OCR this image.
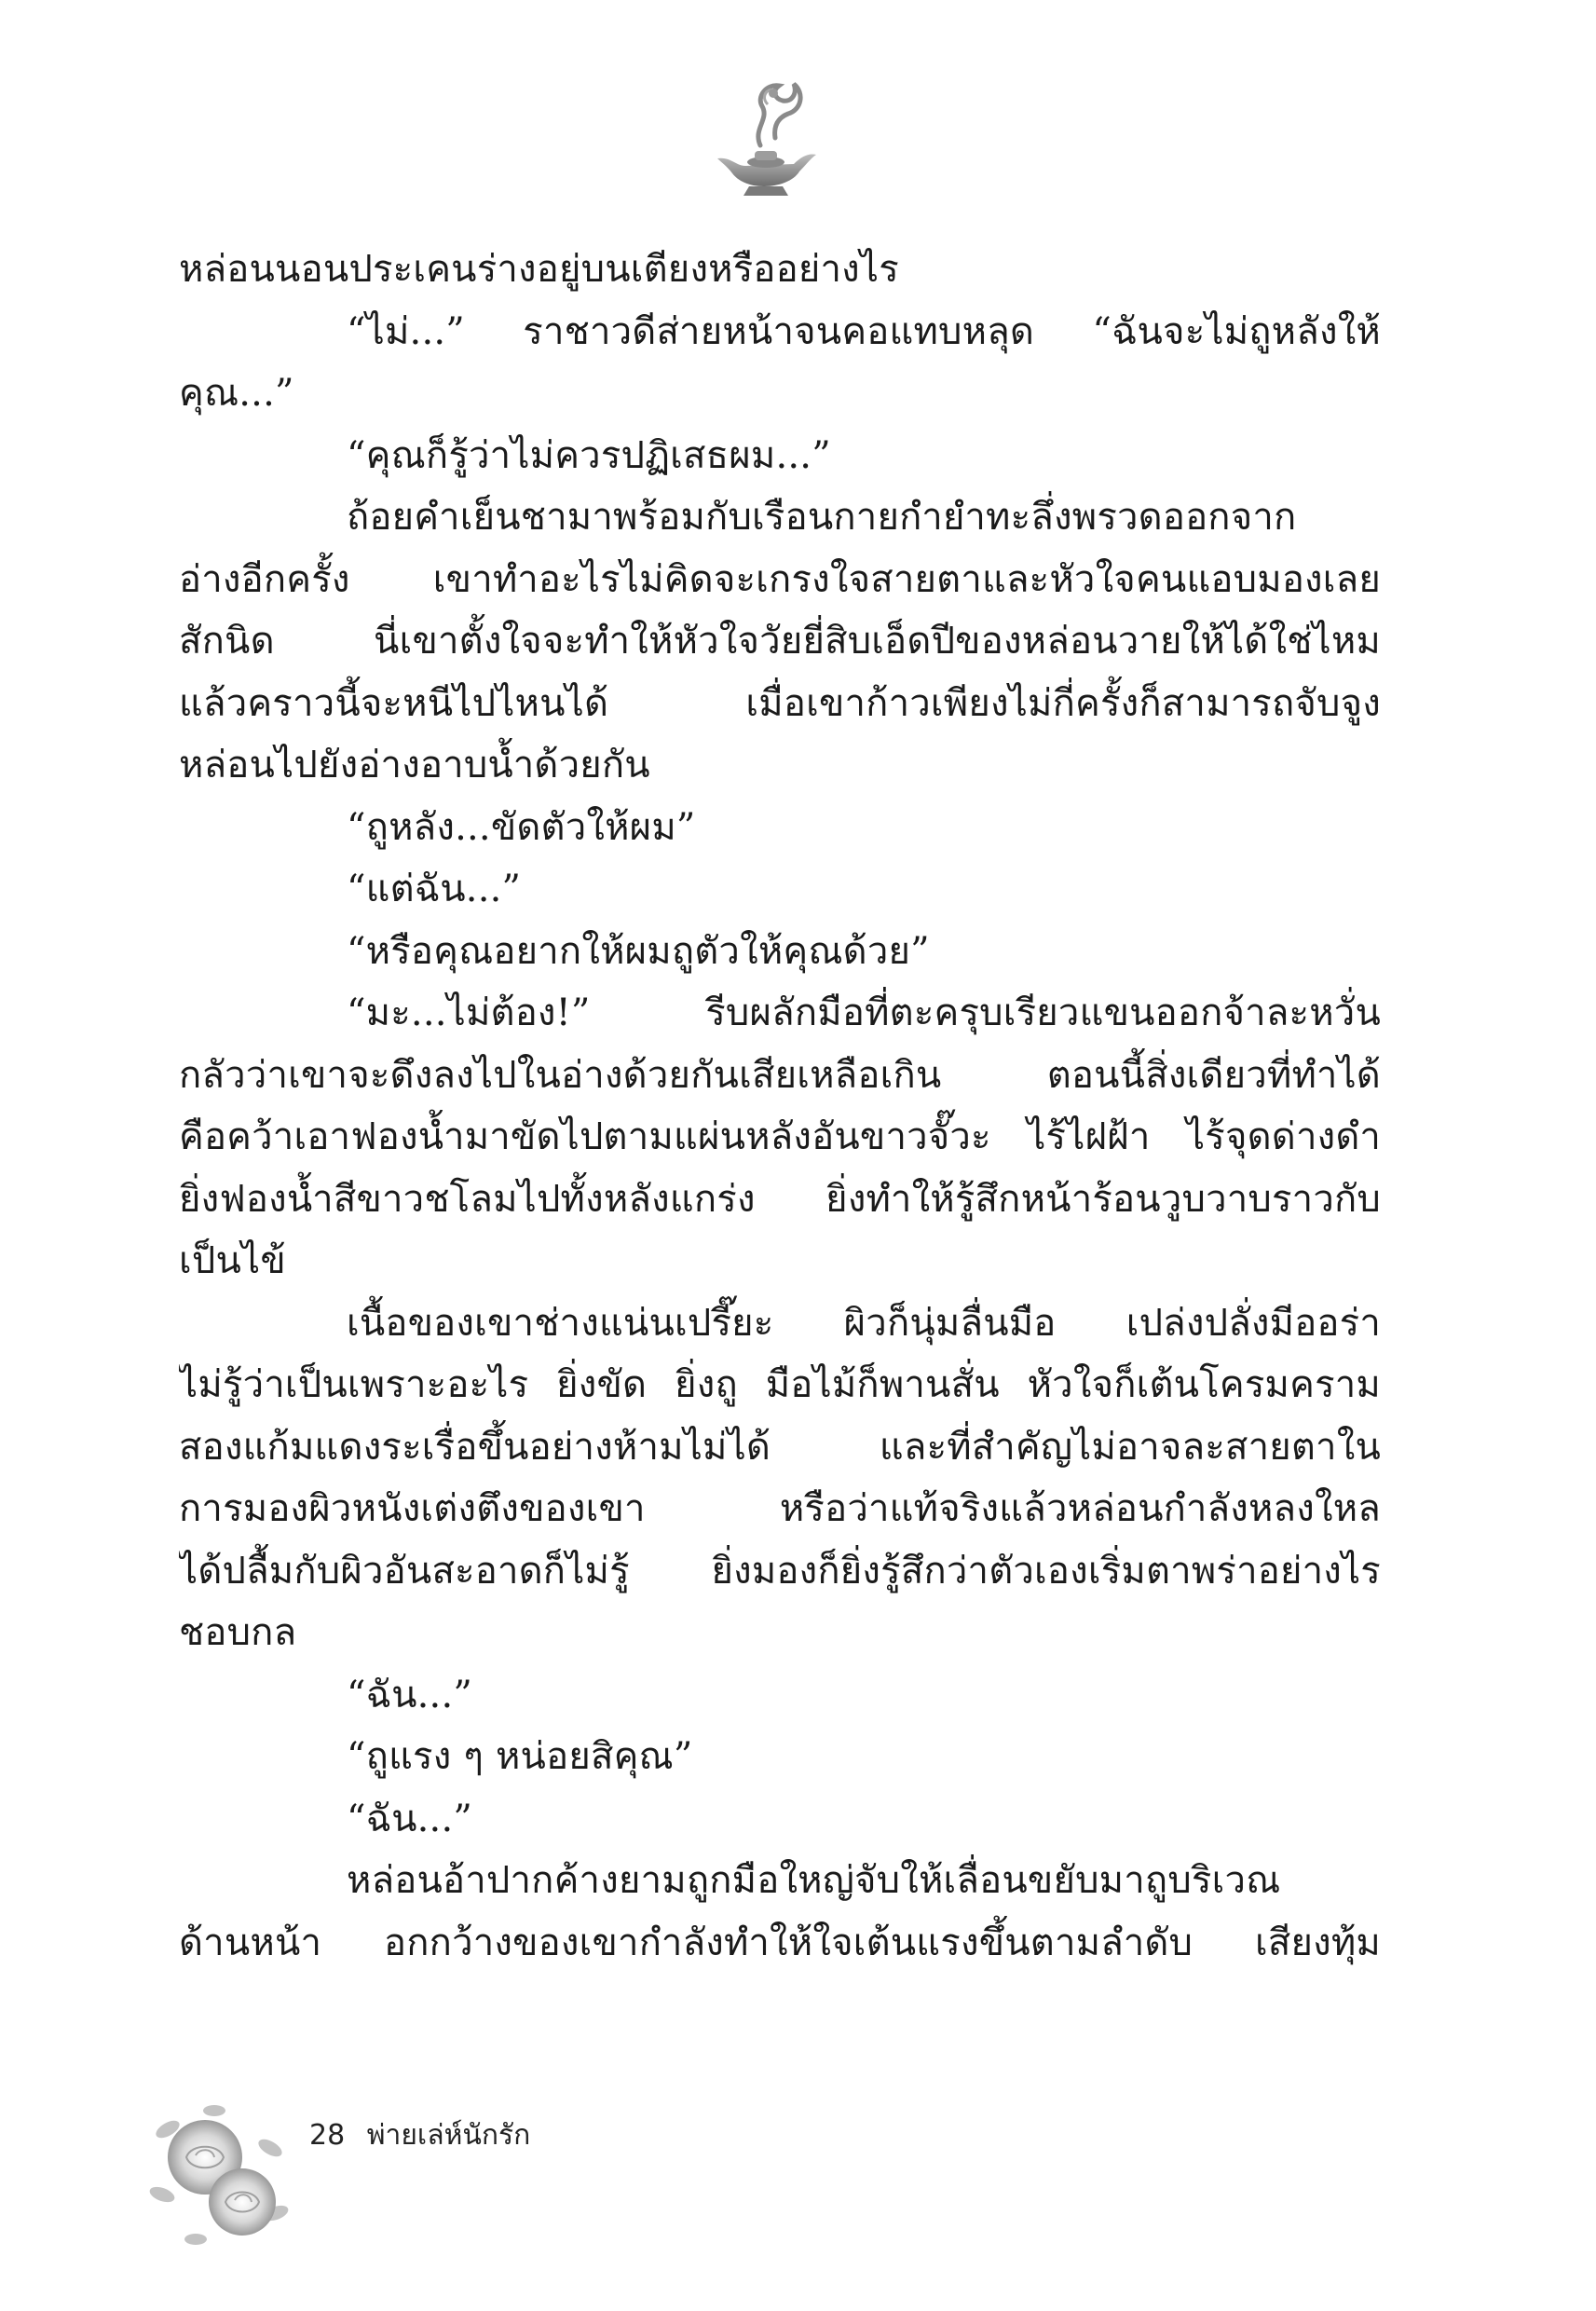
หล่อนนอนประเคนร่างอยู่บนเตียงหรืออย่างไร
“ไม่...” ราชาวดีส่ายหน้าจนคอแทบหลุด “ฉันจะไม่ถูหลังให้
คุณ...”
“คุณก็รู้ว่าไม่ควรปฏิเสธผม...”
ถ้อยคำเย็นชามาพร้อมกับเรือนกายกำยำทะลึ่งพรวดออกจาก
อ่างอีกครั้ง เขาทำอะไรไม่คิดจะเกรงใจสายตาและหัวใจคนแอบมองเลย
สักนิด นี่เขาตั้งใจจะทำให้หัวใจวัยยี่สิบเอ็ดปีของหล่อนวายให้ได้ใช่ไหม
แล้วคราวนี้จะหนีไปไหนได้ เมื่อเขาก้าวเพียงไม่กี่ครั้งก็สามารถจับจูง
หล่อนไปยังอ่างอาบน้ำด้วยกัน
“ถูหลัง...ขัดตัวให้ผม”
“แต่ฉัน...”
“หรือคุณอยากให้ผมถูตัวให้คุณด้วย”
“มะ...ไม่ต้อง!” รีบผลักมือที่ตะครุบเรียวแขนออกจ้าละหวั่น
กลัวว่าเขาจะดึงลงไปในอ่างด้วยกันเสียเหลือเกิน ตอนนี้สิ่งเดียวที่ทำได้
คือคว้าเอาฟองน้ำมาขัดไปตามแผ่นหลังอันขาวจั๊วะ ไร้ไฝฝ้า ไร้จุดด่างดำ
ยิ่งฟองน้ำสีขาวชโลมไปทั้งหลังแกร่ง ยิ่งทำให้รู้สึกหน้าร้อนวูบวาบราวกับ
เป็นไข้
เนื้อของเขาช่างแน่นเปรี๊ยะ ผิวก็นุ่มลื่นมือ เปล่งปลั่งมีออร่า
ไม่รู้ว่าเป็นเพราะอะไร ยิ่งขัด ยิ่งถู มือไม้ก็พานสั่น หัวใจก็เต้นโครมคราม
สองแก้มแดงระเรื่อขึ้นอย่างห้ามไม่ได้ และที่สำคัญไม่อาจละสายตาใน
การมองผิวหนังเต่งตึงของเขา หรือว่าแท้จริงแล้วหล่อนกำลังหลงใหล
ได้ปลื้มกับผิวอันสะอาดก็ไม่รู้ ยิ่งมองก็ยิ่งรู้สึกว่าตัวเองเริ่มตาพร่าอย่างไร
ชอบกล
“ฉัน...”
“ถูแรง ๆ หน่อยสิคุณ”
“ฉัน...”
หล่อนอ้าปากค้างยามถูกมือใหญ่จับให้เลื่อนขยับมาถูบริเวณ
ด้านหน้า อกกว้างของเขากำลังทำให้ใจเต้นแรงขึ้นตามลำดับ เสียงทุ้ม
28 พ่ายเล่ห์นักรัก
